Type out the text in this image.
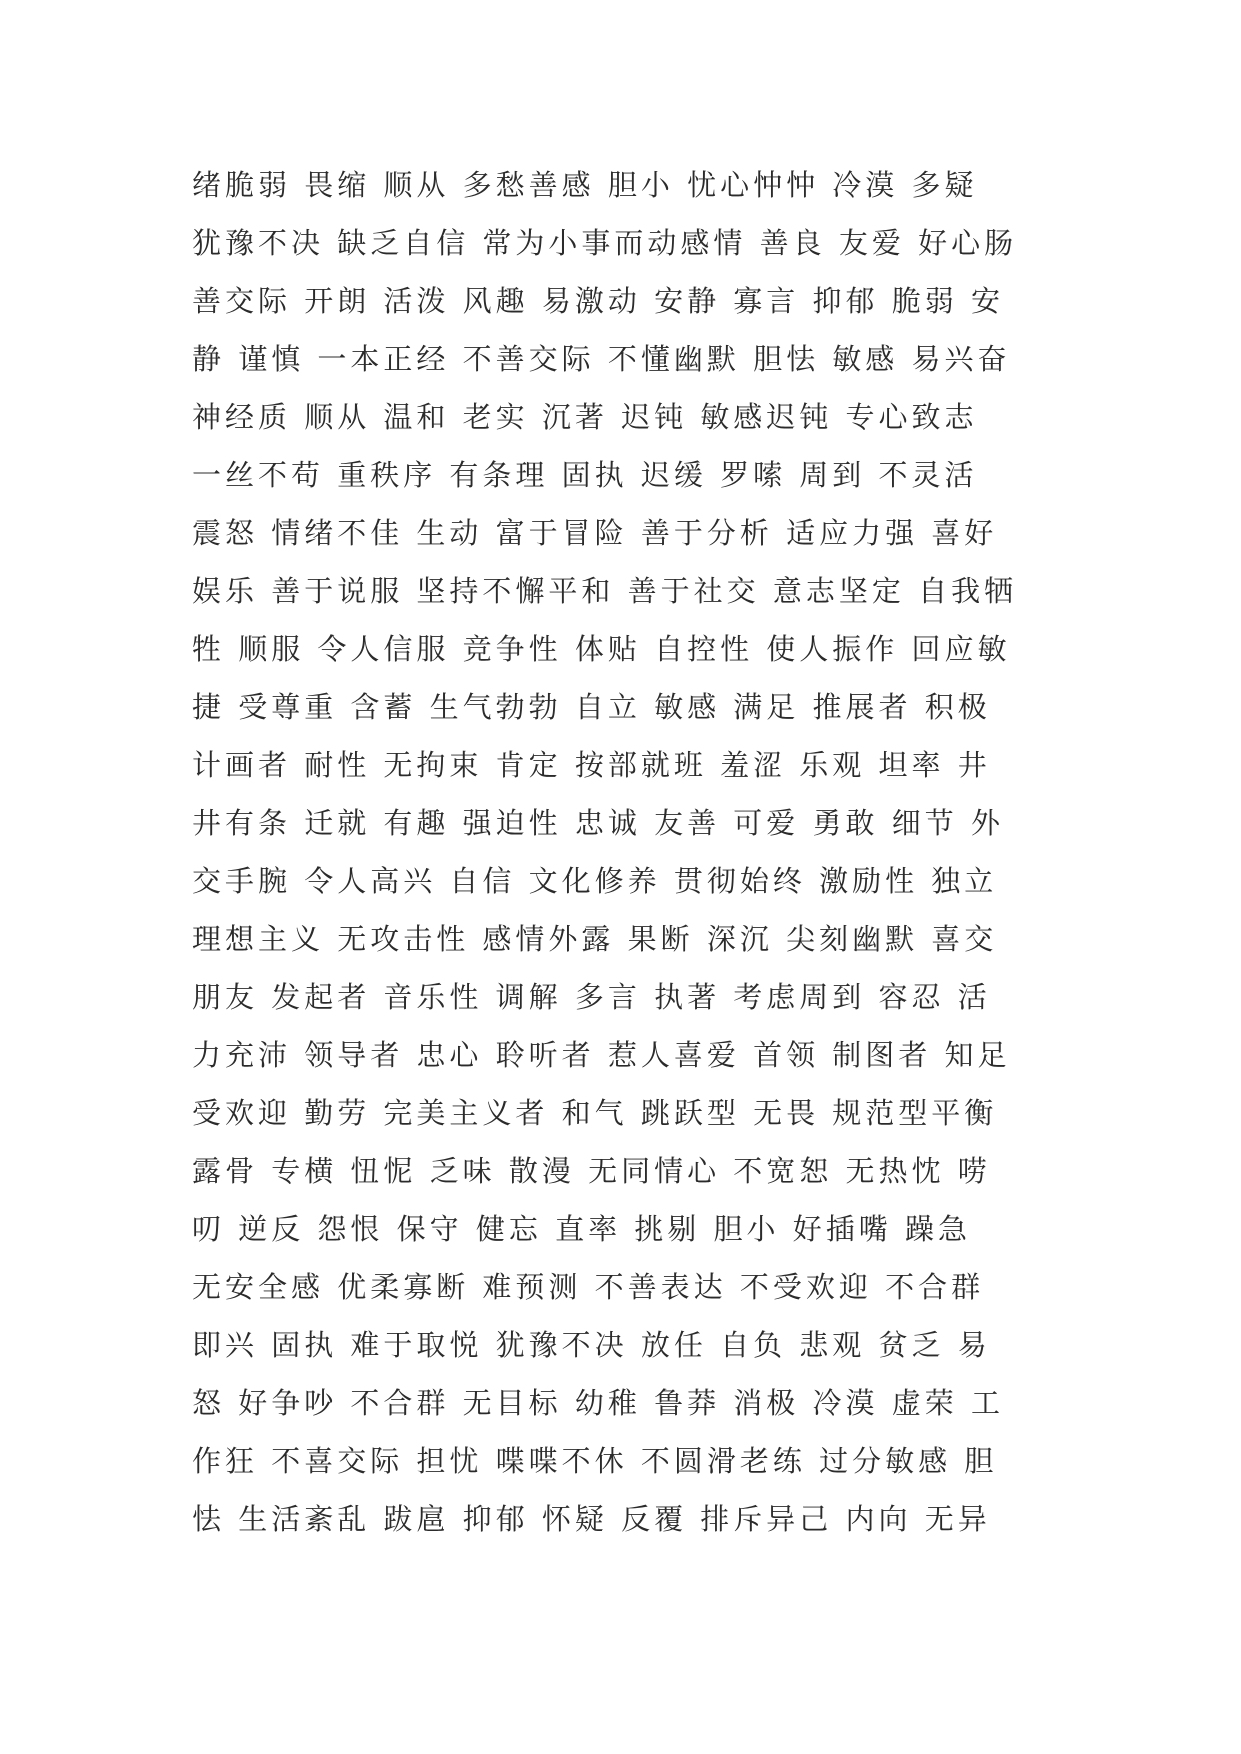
绪脆弱 畏缩 顺从 多愁善感 胆小 忧心忡忡 冷漠 多疑
犹豫不决 缺乏自信 常为小事而动感情 善良 友爱 好心肠
善交际 开朗 活泼 风趣 易激动 安静 寡言 抑郁 脆弱 安
静 谨慎 一本正经 不善交际 不懂幽默 胆怯 敏感 易兴奋
神经质 顺从 温和 老实 沉著 迟钝 敏感迟钝 专心致志
一丝不苟 重秩序 有条理 固执 迟缓 罗嗦 周到 不灵活
震怒 情绪不佳 生动 富于冒险 善于分析 适应力强 喜好
娱乐 善于说服 坚持不懈平和 善于社交 意志坚定 自我牺
牲 顺服 令人信服 竞争性 体贴 自控性 使人振作 回应敏
捷 受尊重 含蓄 生气勃勃 自立 敏感 满足 推展者 积极
计画者 耐性 无拘束 肯定 按部就班 羞涩 乐观 坦率 井
井有条 迁就 有趣 强迫性 忠诚 友善 可爱 勇敢 细节 外
交手腕 令人高兴 自信 文化修养 贯彻始终 激励性 独立
理想主义 无攻击性 感情外露 果断 深沉 尖刻幽默 喜交
朋友 发起者 音乐性 调解 多言 执著 考虑周到 容忍 活
力充沛 领导者 忠心 聆听者 惹人喜爱 首领 制图者 知足
受欢迎 勤劳 完美主义者 和气 跳跃型 无畏 规范型平衡
露骨 专横 忸怩 乏味 散漫 无同情心 不宽恕 无热忱 唠
叨 逆反 怨恨 保守 健忘 直率 挑剔 胆小 好插嘴 躁急
无安全感 优柔寡断 难预测 不善表达 不受欢迎 不合群
即兴 固执 难于取悦 犹豫不决 放任 自负 悲观 贫乏 易
怒 好争吵 不合群 无目标 幼稚 鲁莽 消极 冷漠 虚荣 工
作狂 不喜交际 担忧 喋喋不休 不圆滑老练 过分敏感 胆
怯 生活紊乱 跋扈 抑郁 怀疑 反覆 排斥异己 内向 无异
